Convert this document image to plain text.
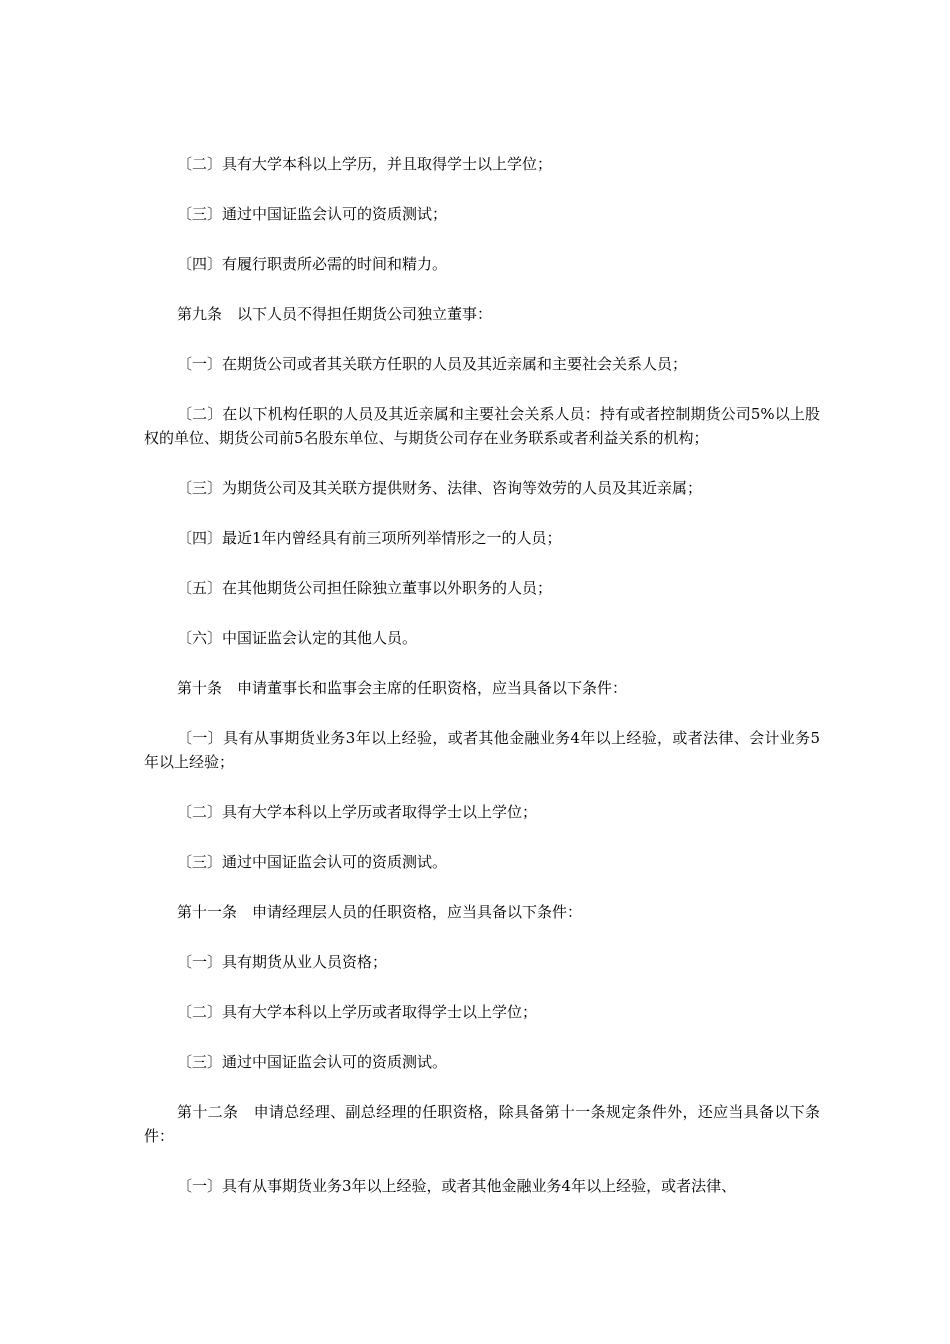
〔二〕具有大学本科以上学历，并且取得学士以上学位；

〔三〕通过中国证监会认可的资质测试；

〔四〕有履行职责所必需的时间和精力。

第九条　以下人员不得担任期货公司独立董事：

〔一〕在期货公司或者其关联方任职的人员及其近亲属和主要社会关系人员；

〔二〕在以下机构任职的人员及其近亲属和主要社会关系人员：持有或者控制期货公司5%以上股权的单位、期货公司前5名股东单位、与期货公司存在业务联系或者利益关系的机构；

〔三〕为期货公司及其关联方提供财务、法律、咨询等效劳的人员及其近亲属；

〔四〕最近1年内曾经具有前三项所列举情形之一的人员；

〔五〕在其他期货公司担任除独立董事以外职务的人员；

〔六〕中国证监会认定的其他人员。

第十条　申请董事长和监事会主席的任职资格，应当具备以下条件：

〔一〕具有从事期货业务3年以上经验，或者其他金融业务4年以上经验，或者法律、会计业务5年以上经验；

〔二〕具有大学本科以上学历或者取得学士以上学位；

〔三〕通过中国证监会认可的资质测试。

第十一条　申请经理层人员的任职资格，应当具备以下条件：

〔一〕具有期货从业人员资格；

〔二〕具有大学本科以上学历或者取得学士以上学位；

〔三〕通过中国证监会认可的资质测试。

第十二条　申请总经理、副总经理的任职资格，除具备第十一条规定条件外，还应当具备以下条件：

〔一〕具有从事期货业务3年以上经验，或者其他金融业务4年以上经验，或者法律、
